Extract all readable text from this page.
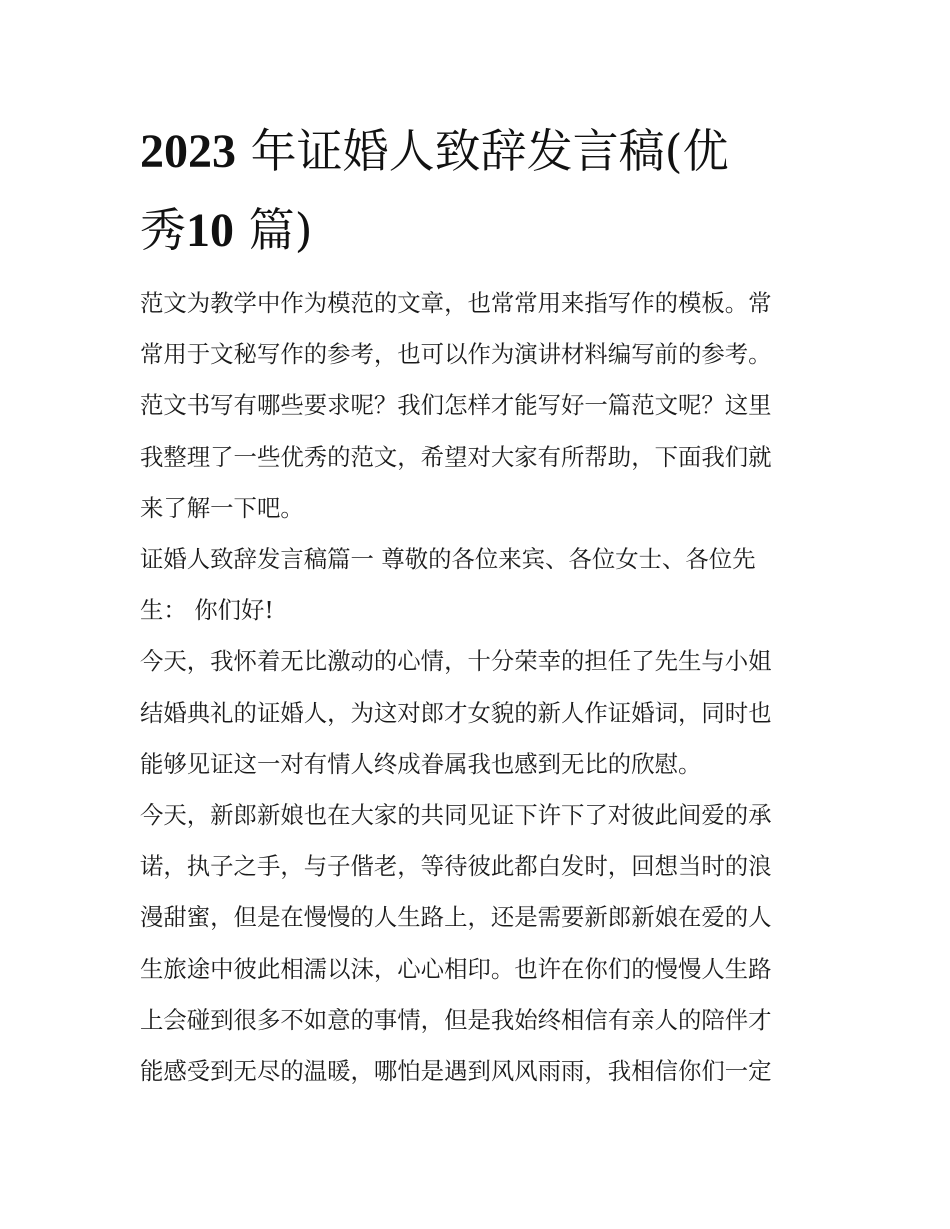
2023 年证婚人致辞发言稿(优
秀10 篇)

范文为教学中作为模范的文章，也常常用来指写作的模板。常
常用于文秘写作的参考，也可以作为演讲材料编写前的参考。
范文书写有哪些要求呢？我们怎样才能写好一篇范文呢？这里
我整理了一些优秀的范文，希望对大家有所帮助，下面我们就
来了解一下吧。

证婚人致辞发言稿篇一 尊敬的各位来宾、各位女士、各位先
生： 你们好!

今天，我怀着无比激动的心情，十分荣幸的担任了先生与小姐
结婚典礼的证婚人，为这对郎才女貌的新人作证婚词，同时也
能够见证这一对有情人终成眷属我也感到无比的欣慰。

今天，新郎新娘也在大家的共同见证下许下了对彼此间爱的承
诺，执子之手，与子偕老，等待彼此都白发时，回想当时的浪
漫甜蜜，但是在慢慢的人生路上，还是需要新郎新娘在爱的人
生旅途中彼此相濡以沫，心心相印。也许在你们的慢慢人生路
上会碰到很多不如意的事情，但是我始终相信有亲人的陪伴才
能感受到无尽的温暖，哪怕是遇到风风雨雨，我相信你们一定
